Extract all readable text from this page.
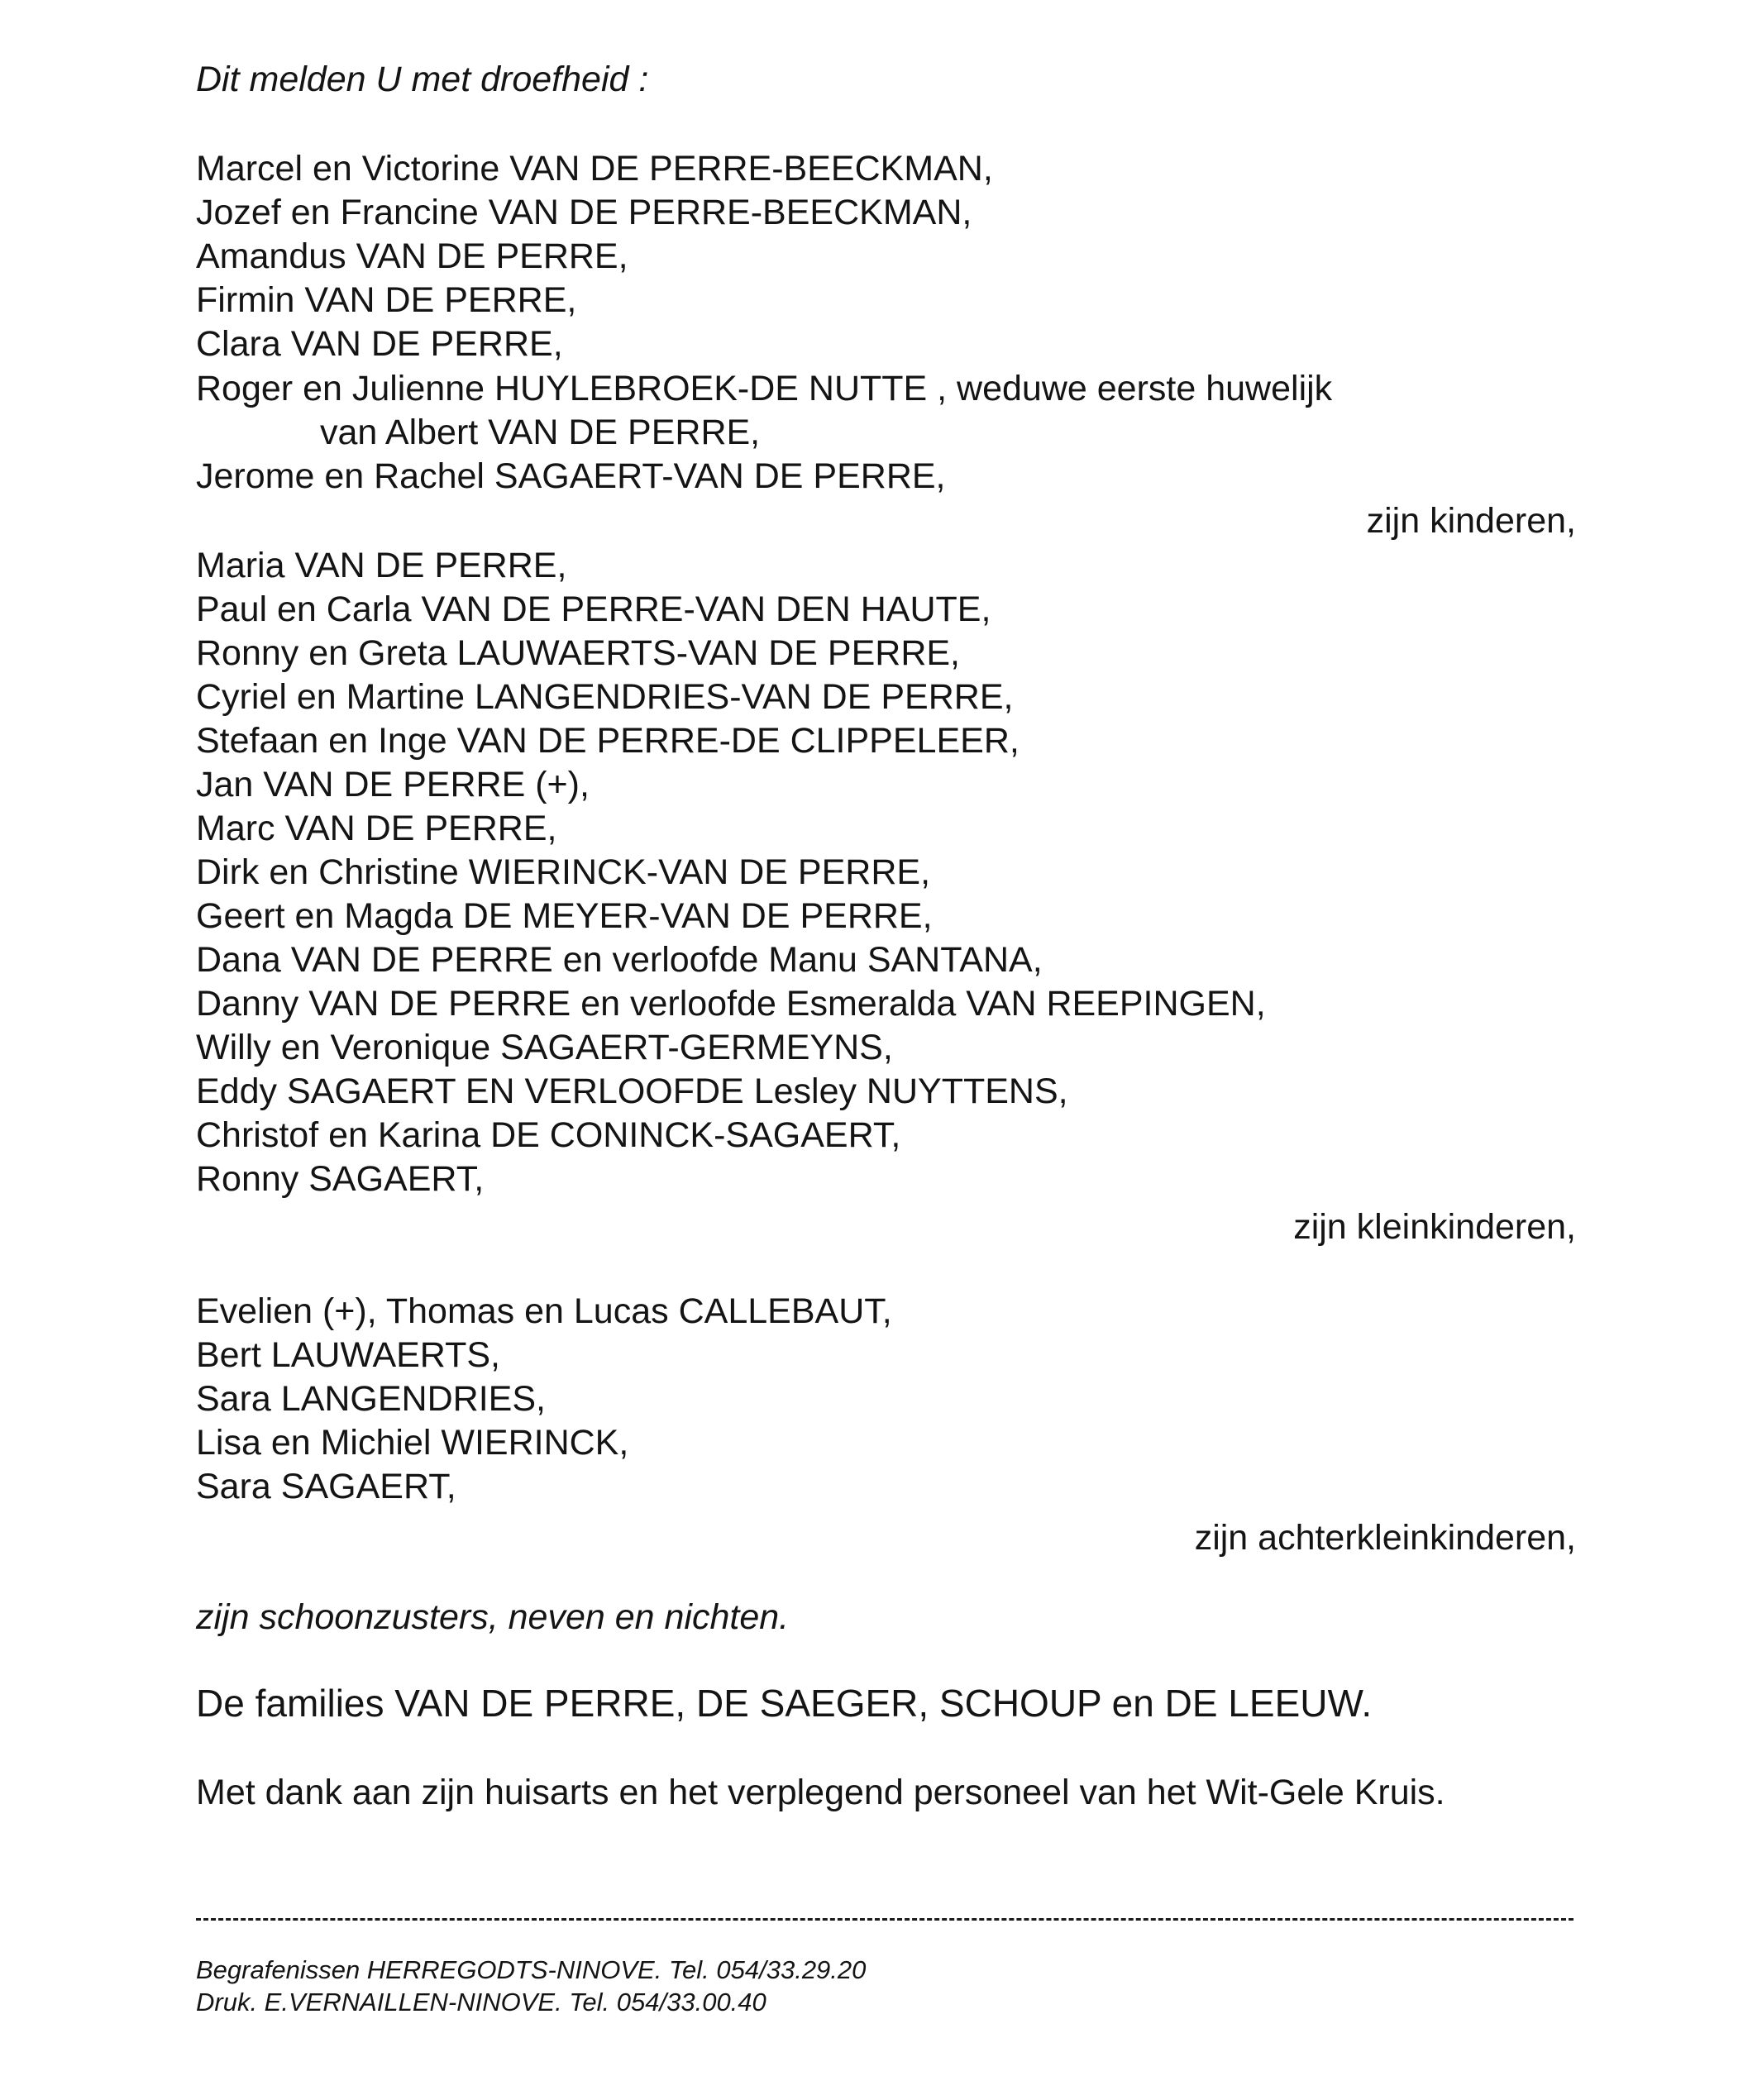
Dit melden U met droefheid :
Marcel en Victorine VAN DE PERRE-BEECKMAN,
Jozef en Francine VAN DE PERRE-BEECKMAN,
Amandus VAN DE PERRE,
Firmin VAN DE PERRE,
Clara VAN DE PERRE,
Roger en Julienne HUYLEBROEK-DE NUTTE , weduwe eerste huwelijk
van Albert VAN DE PERRE,
Jerome en Rachel SAGAERT-VAN DE PERRE,
zijn kinderen,
Maria VAN DE PERRE,
Paul en Carla VAN DE PERRE-VAN DEN HAUTE,
Ronny en Greta LAUWAERTS-VAN DE PERRE,
Cyriel en Martine LANGENDRIES-VAN DE PERRE,
Stefaan en Inge VAN DE PERRE-DE CLIPPELEER,
Jan VAN DE PERRE (+),
Marc VAN DE PERRE,
Dirk en Christine WIERINCK-VAN DE PERRE,
Geert en Magda DE MEYER-VAN DE PERRE,
Dana VAN DE PERRE en verloofde Manu SANTANA,
Danny VAN DE PERRE en verloofde Esmeralda VAN REEPINGEN,
Willy en Veronique SAGAERT-GERMEYNS,
Eddy SAGAERT EN VERLOOFDE Lesley NUYTTENS,
Christof en Karina DE CONINCK-SAGAERT,
Ronny SAGAERT,
zijn kleinkinderen,
Evelien (+), Thomas en Lucas CALLEBAUT,
Bert LAUWAERTS,
Sara LANGENDRIES,
Lisa en Michiel WIERINCK,
Sara SAGAERT,
zijn achterkleinkinderen,
zijn schoonzusters, neven en nichten.
De families VAN DE PERRE, DE SAEGER, SCHOUP en DE LEEUW.
Met dank aan zijn huisarts en het verplegend personeel van het Wit-Gele Kruis.
Begrafenissen HERREGODTS-NINOVE. Tel. 054/33.29.20
Druk. E.VERNAILLEN-NINOVE. Tel. 054/33.00.40
